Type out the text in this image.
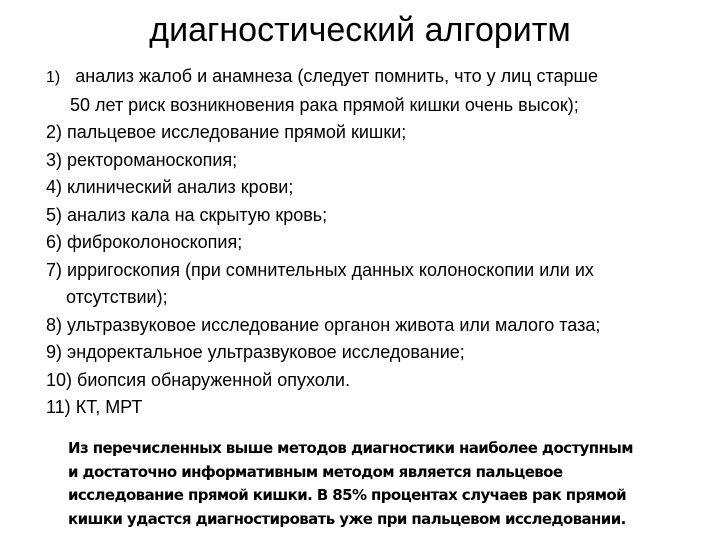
диагностический алгоритм
1) анализ жалоб и анамнеза (следует помнить, что у лиц старше
50 лет риск возникновения рака прямой кишки очень высок);
2) пальцевое исследование прямой кишки;
3) ректороманоскопия;
4) клинический анализ крови;
5) анализ кала на скрытую кровь;
6) фиброколоноскопия;
7) ирригоскопия (при сомнительных данных колоноскопии или их
отсутствии);
8) ультразвуковое исследование органон живота или малого таза;
9) эндоректальное ультразвуковое исследование;
10) биопсия обнаруженной опухоли.
11) КТ, МРТ
Из перечисленных выше методов диагностики наиболее доступным
и достаточно информативным методом является пальцевое
исследование прямой кишки. В 85% процентах случаев рак прямой
кишки удастся диагностировать уже при пальцевом исследовании.
